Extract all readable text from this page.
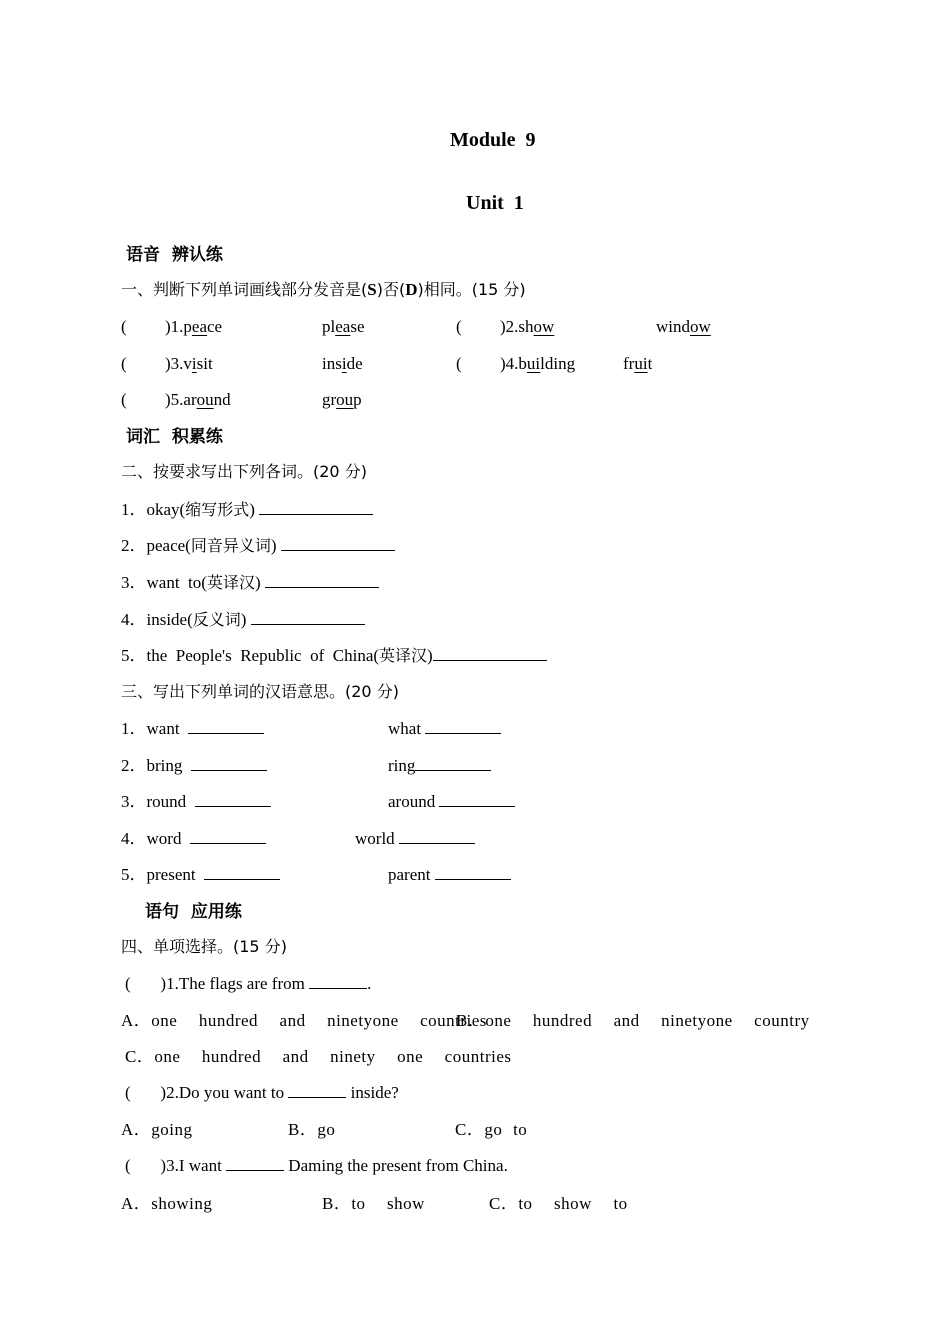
Module  9
Unit  1
语音  辨认练
一、判断下列单词画线部分发音是(S)否(D)相同。(15 分)
( )1.peace	please	( )2.show	window
( )3.visit	inside	( )4.building	fruit
( )5.around	group
词汇  积累练
二、按要求写出下列各词。(20 分)
1．okay(缩写形式)
2．peace(同音异义词)
3．want  to(英译汉)
4．inside(反义词)
5．the  People's  Republic  of  China(英译汉)
三、写出下列单词的汉语意思。(20 分)
1．want	what
2．bring	ring
3．round	around
4．word	world
5．present	parent
语句  应用练
四、单项选择。(15 分)
( )1.The flags are from	.
A．one  hundred  and  ninetyone  countries
B．one  hundred  and  ninetyone  country
C．one  hundred  and  ninety  one  countries
( )2.Do you want to	inside?
A．going	B．go	C．go to
( )3.I want	Daming the present from China.
A．showing	B．to  show	C．to  show  to
